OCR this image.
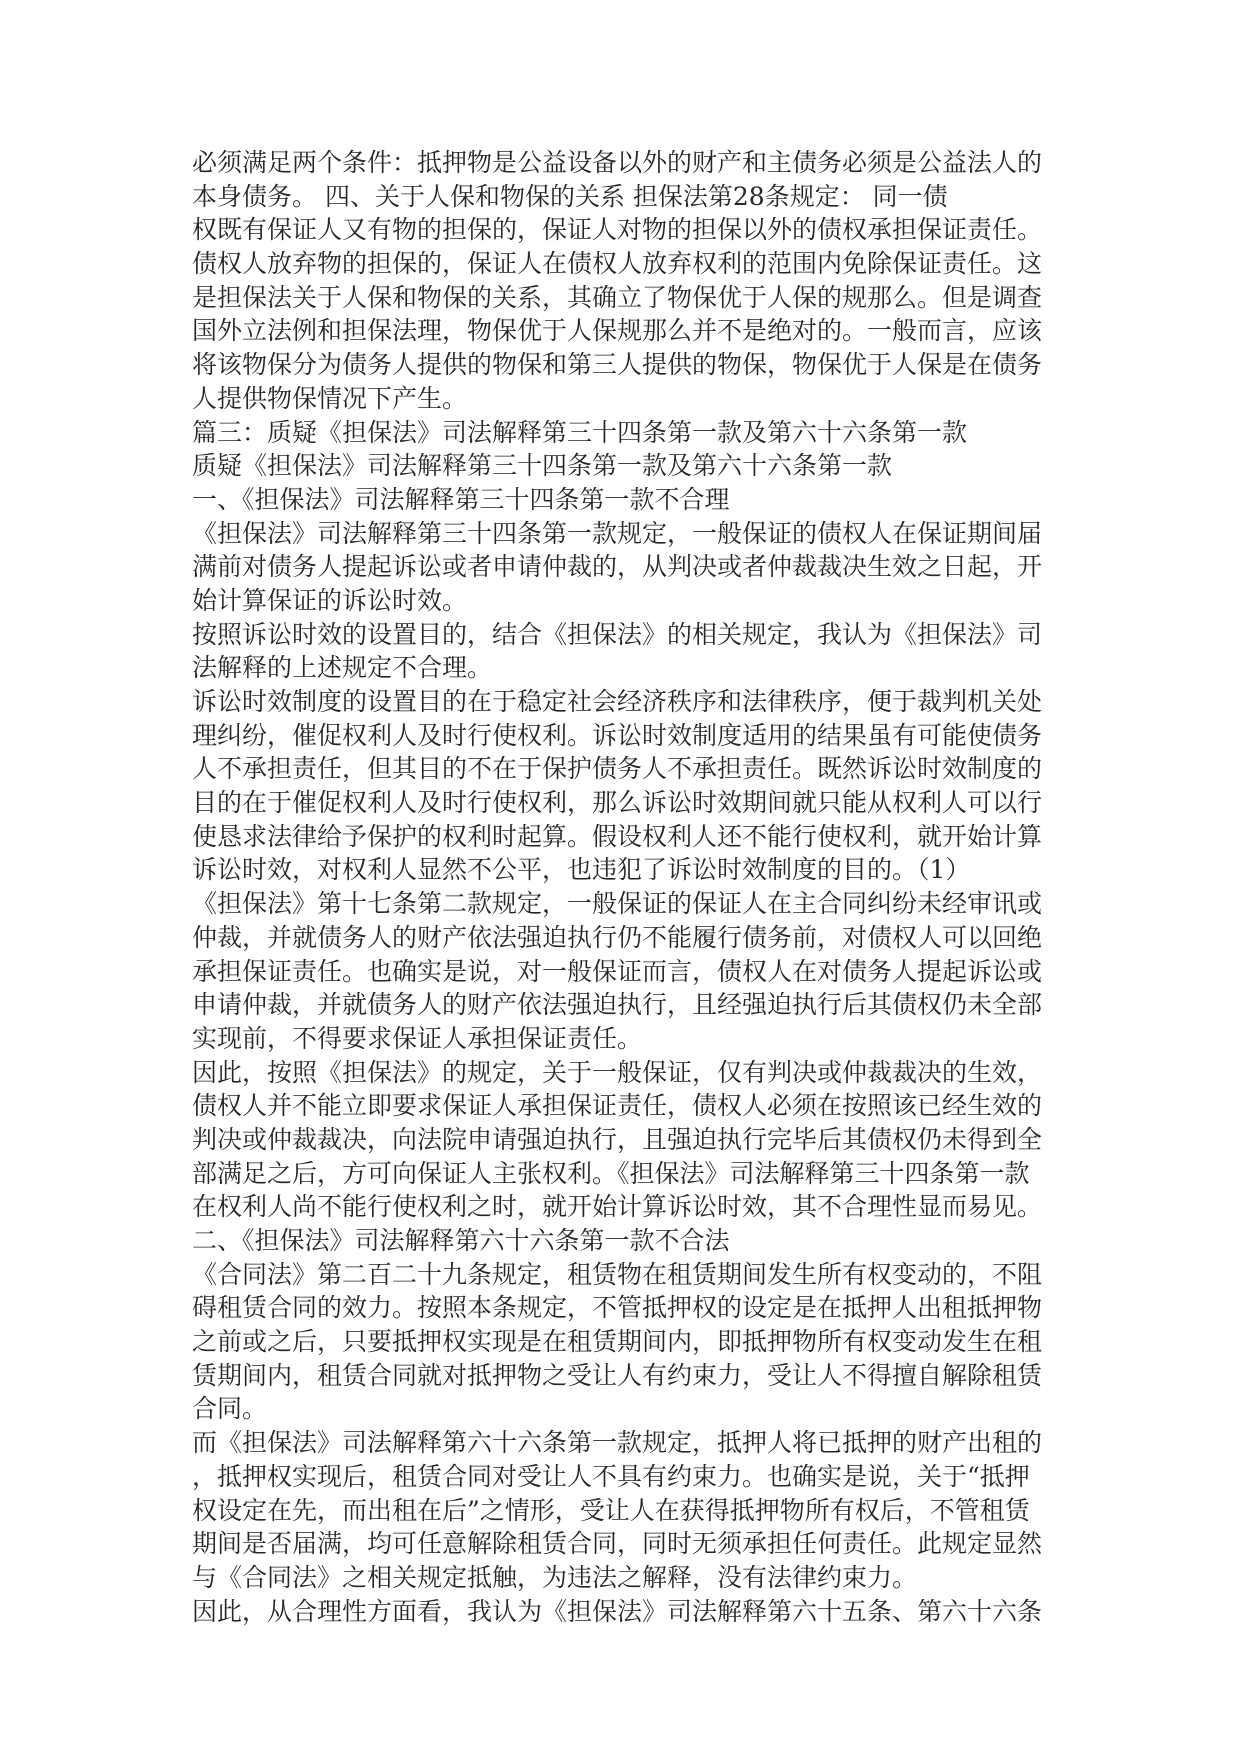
必须满足两个条件：抵押物是公益设备以外的财产和主债务必须是公益法人的
本身债务。 四、关于人保和物保的关系 担保法第28条规定： 同一债
权既有保证人又有物的担保的，保证人对物的担保以外的债权承担保证责任。
债权人放弃物的担保的，保证人在债权人放弃权利的范围内免除保证责任。这
是担保法关于人保和物保的关系，其确立了物保优于人保的规那么。但是调查
国外立法例和担保法理，物保优于人保规那么并不是绝对的。一般而言，应该
将该物保分为债务人提供的物保和第三人提供的物保，物保优于人保是在债务
人提供物保情况下产生。
篇三：质疑《担保法》司法解释第三十四条第一款及第六十六条第一款
质疑《担保法》司法解释第三十四条第一款及第六十六条第一款
一、《担保法》司法解释第三十四条第一款不合理
《担保法》司法解释第三十四条第一款规定，一般保证的债权人在保证期间届
满前对债务人提起诉讼或者申请仲裁的，从判决或者仲裁裁决生效之日起，开
始计算保证的诉讼时效。
按照诉讼时效的设置目的，结合《担保法》的相关规定，我认为《担保法》司
法解释的上述规定不合理。
诉讼时效制度的设置目的在于稳定社会经济秩序和法律秩序，便于裁判机关处
理纠纷，催促权利人及时行使权利。诉讼时效制度适用的结果虽有可能使债务
人不承担责任，但其目的不在于保护债务人不承担责任。既然诉讼时效制度的
目的在于催促权利人及时行使权利，那么诉讼时效期间就只能从权利人可以行
使恳求法律给予保护的权利时起算。假设权利人还不能行使权利，就开始计算
诉讼时效，对权利人显然不公平，也违犯了诉讼时效制度的目的。（1）
《担保法》第十七条第二款规定，一般保证的保证人在主合同纠纷未经审讯或
仲裁，并就债务人的财产依法强迫执行仍不能履行债务前，对债权人可以回绝
承担保证责任。也确实是说，对一般保证而言，债权人在对债务人提起诉讼或
申请仲裁，并就债务人的财产依法强迫执行，且经强迫执行后其债权仍未全部
实现前，不得要求保证人承担保证责任。
因此，按照《担保法》的规定，关于一般保证，仅有判决或仲裁裁决的生效，
债权人并不能立即要求保证人承担保证责任，债权人必须在按照该已经生效的
判决或仲裁裁决，向法院申请强迫执行，且强迫执行完毕后其债权仍未得到全
部满足之后，方可向保证人主张权利。《担保法》司法解释第三十四条第一款
在权利人尚不能行使权利之时，就开始计算诉讼时效，其不合理性显而易见。
二、《担保法》司法解释第六十六条第一款不合法
《合同法》第二百二十九条规定，租赁物在租赁期间发生所有权变动的，不阻
碍租赁合同的效力。按照本条规定，不管抵押权的设定是在抵押人出租抵押物
之前或之后，只要抵押权实现是在租赁期间内，即抵押物所有权变动发生在租
赁期间内，租赁合同就对抵押物之受让人有约束力，受让人不得擅自解除租赁
合同。
而《担保法》司法解释第六十六条第一款规定，抵押人将已抵押的财产出租的
，抵押权实现后，租赁合同对受让人不具有约束力。也确实是说，关于“抵押
权设定在先，而出租在后”之情形，受让人在获得抵押物所有权后，不管租赁
期间是否届满，均可任意解除租赁合同，同时无须承担任何责任。此规定显然
与《合同法》之相关规定抵触，为违法之解释，没有法律约束力。
因此，从合理性方面看，我认为《担保法》司法解释第六十五条、第六十六条
